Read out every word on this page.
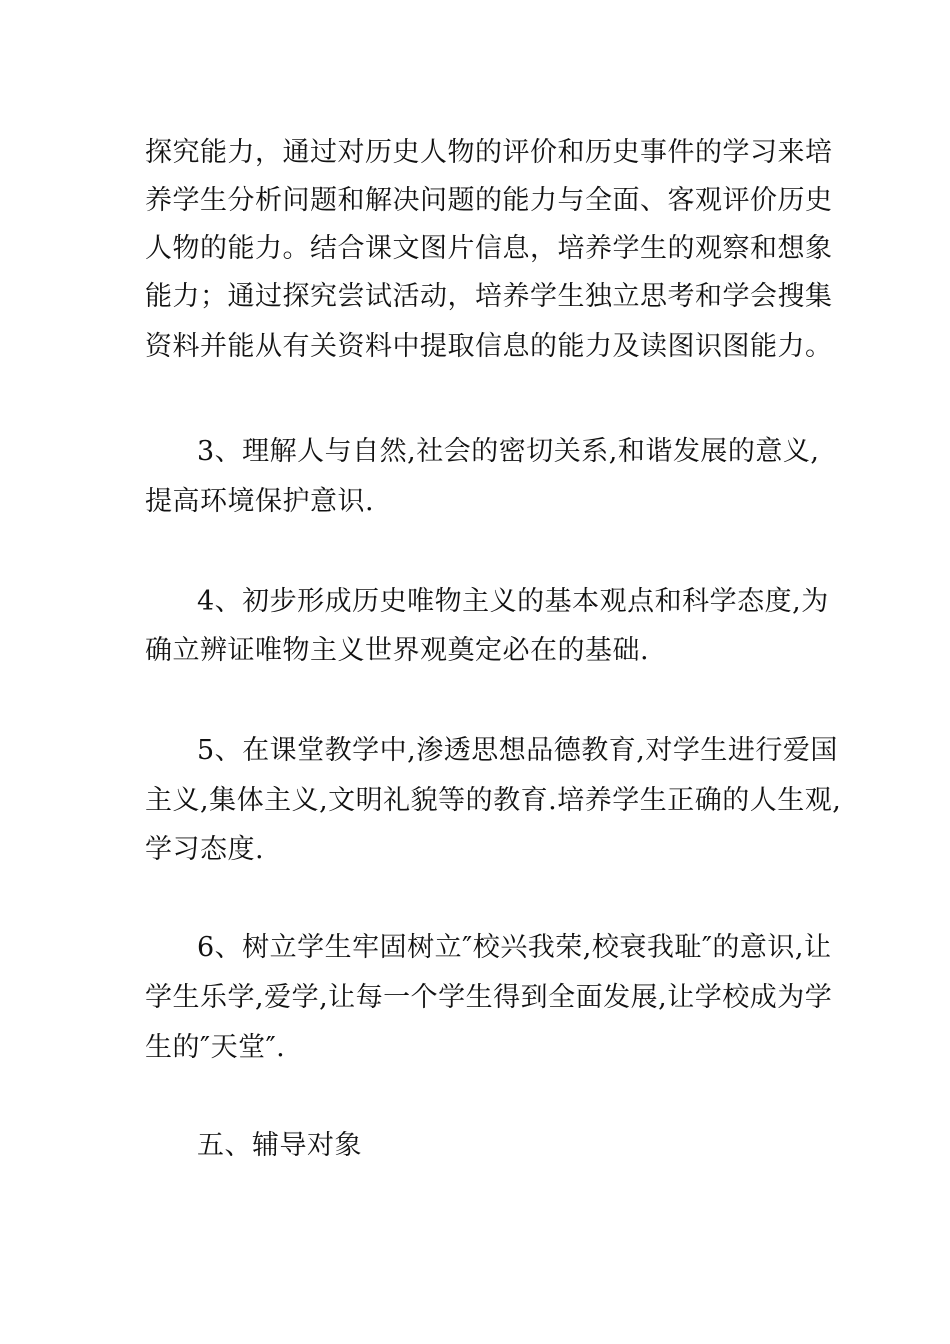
探究能力，通过对历史人物的评价和历史事件的学习来培
养学生分析问题和解决问题的能力与全面、客观评价历史
人物的能力。结合课文图片信息，培养学生的观察和想象
能力；通过探究尝试活动，培养学生独立思考和学会搜集
资料并能从有关资料中提取信息的能力及读图识图能力。
3、理解人与自然,社会的密切关系,和谐发展的意义,
提高环境保护意识.
4、初步形成历史唯物主义的基本观点和科学态度,为
确立辨证唯物主义世界观奠定必在的基础.
5、在课堂教学中,渗透思想品德教育,对学生进行爱国
主义,集体主义,文明礼貌等的教育.培养学生正确的人生观,
学习态度.
6、树立学生牢固树立″校兴我荣,校衰我耻″的意识,让
学生乐学,爱学,让每一个学生得到全面发展,让学校成为学
生的″天堂″.
五、辅导对象
